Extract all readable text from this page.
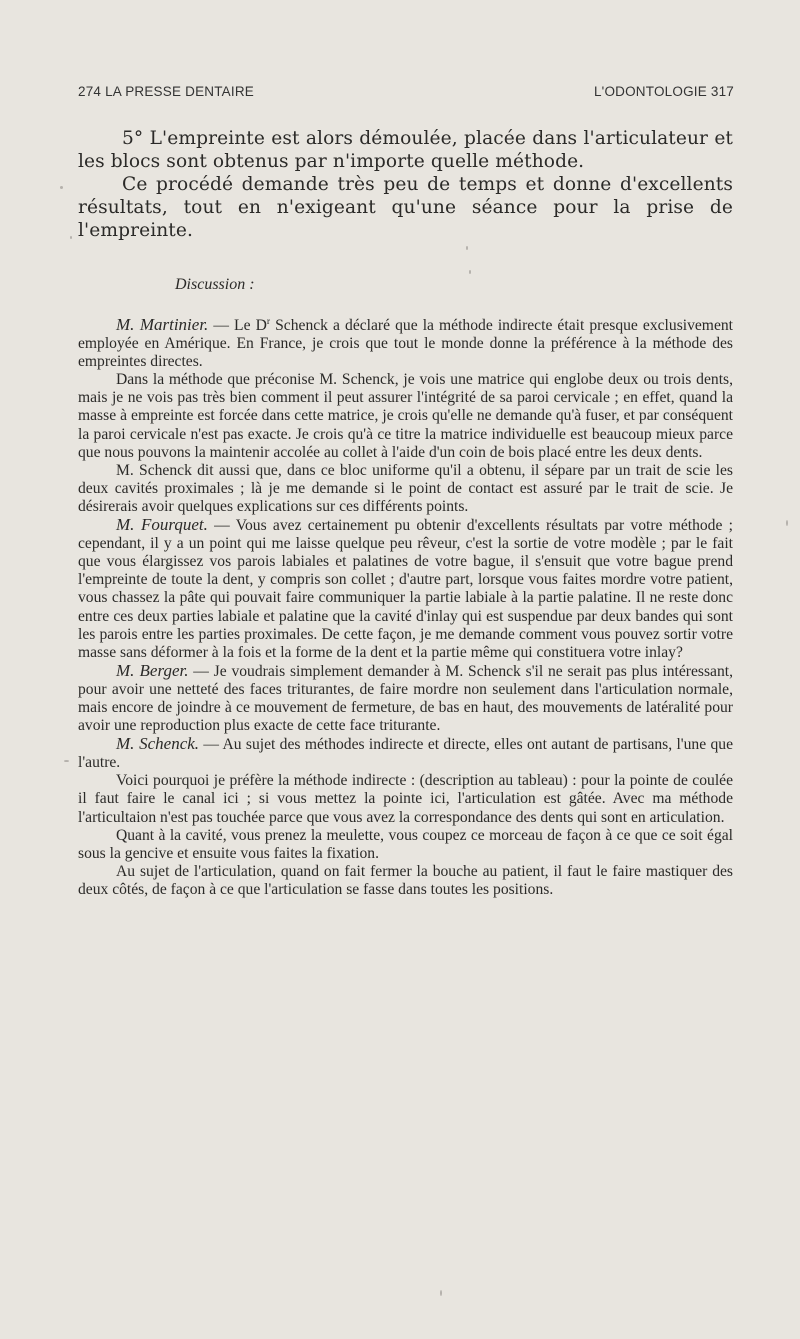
274 LA PRESSE DENTAIRE	L'ODONTOLOGIE 317

5° L'empreinte est alors démoulée, placée dans l'articulateur et les blocs sont obtenus par n'importe quelle méthode.

Ce procédé demande très peu de temps et donne d'excellents résultats, tout en n'exigeant qu'une séance pour la prise de l'empreinte.

Discussion :

M. Martinier. — Le $D^r$ Schenck a déclaré que la méthode indirecte était presque exclusivement employée en Amérique. En France, je crois que tout le monde donne la préférence à la méthode des empreintes directes.

Dans la méthode que préconise M. Schenck, je vois une matrice qui englobe deux ou trois dents, mais je ne vois pas très bien comment il peut assurer l'intégrité de sa paroi cervicale ; en effet, quand la masse à empreinte est forcée dans cette matrice, je crois qu'elle ne demande qu'à fuser, et par conséquent la paroi cervicale n'est pas exacte. Je crois qu'à ce titre la matrice individuelle est beaucoup mieux parce que nous pouvons la maintenir accolée au collet à l'aide d'un coin de bois placé entre les deux dents.

M. Schenck dit aussi que, dans ce bloc uniforme qu'il a obtenu, il sépare par un trait de scie les deux cavités proximales ; là je me demande si le point de contact est assuré par le trait de scie. Je désirerais avoir quelques explications sur ces différents points.

M. Fourquet. — Vous avez certainement pu obtenir d'excellents résultats par votre méthode ; cependant, il y a un point qui me laisse quelque peu rêveur, c'est la sortie de votre modèle ; par le fait que vous élargissez vos parois labiales et palatines de votre bague, il s'ensuit que votre bague prend l'empreinte de toute la dent, y compris son collet ; d'autre part, lorsque vous faites mordre votre patient, vous chassez la pâte qui pouvait faire communiquer la partie labiale à la partie palatine. Il ne reste donc entre ces deux parties labiale et palatine que la cavité d'inlay qui est suspendue par deux bandes qui sont les parois entre les parties proximales. De cette façon, je me demande comment vous pouvez sortir votre masse sans déformer à la fois et la forme de la dent et la partie même qui constituera votre inlay?

M. Berger. — Je voudrais simplement demander à M. Schenck s'il ne serait pas plus intéressant, pour avoir une netteté des faces triturantes, de faire mordre non seulement dans l'articulation normale, mais encore de joindre à ce mouvement de fermeture, de bas en haut, des mouvements de latéralité pour avoir une reproduction plus exacte de cette face triturante.

M. Schenck. — Au sujet des méthodes indirecte et directe, elles ont autant de partisans, l'une que l'autre.

Voici pourquoi je préfère la méthode indirecte : (description au tableau) : pour la pointe de coulée il faut faire le canal ici ; si vous mettez la pointe ici, l'articulation est gâtée. Avec ma méthode l'articultaion n'est pas touchée parce que vous avez la correspondance des dents qui sont en articulation.

Quant à la cavité, vous prenez la meulette, vous coupez ce morceau de façon à ce que ce soit égal sous la gencive et ensuite vous faites la fixation.

Au sujet de l'articulation, quand on fait fermer la bouche au patient, il faut le faire mastiquer des deux côtés, de façon à ce que l'articulation se fasse dans toutes les positions.
